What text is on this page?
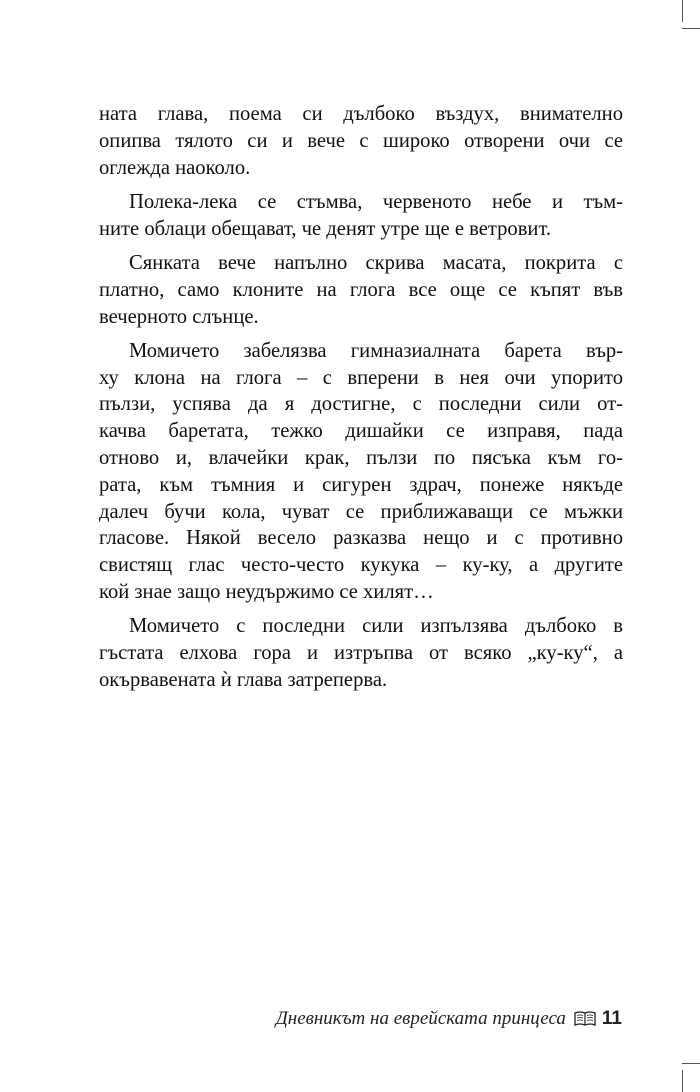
ната глава, поема си дълбоко въздух, внимателно
опипва тялото си и вече с широко отворени очи се
оглежда наоколо.
Полека-лека се стъмва, червеното небе и тъм-
ните облаци обещават, че денят утре ще е ветровит.
Сянката вече напълно скрива масата, покрита с
платно, само клоните на глога все още се къпят във
вечерното слънце.
Момичето забелязва гимназиалната барета вър-
ху клона на глога – с вперени в нея очи упорито
пълзи, успява да я достигне, с последни сили от-
качва баретата, тежко дишайки се изправя, пада
отново и, влачейки крак, пълзи по пясъка към го-
рата, към тъмния и сигурен здрач, понеже някъде
далеч бучи кола, чуват се приближаващи се мъжки
гласове. Някой весело разказва нещо и с противно
свистящ глас често-често кукука – ку-ку, а другите
кой знае защо неудържимо се хилят…
Момичето с последни сили изпълзява дълбоко в
гъстата елхова гора и изтръпва от всяко „ку-ку“, а
окървавената ѝ глава затреперва.
Дневникът на еврейската принцеса 11
